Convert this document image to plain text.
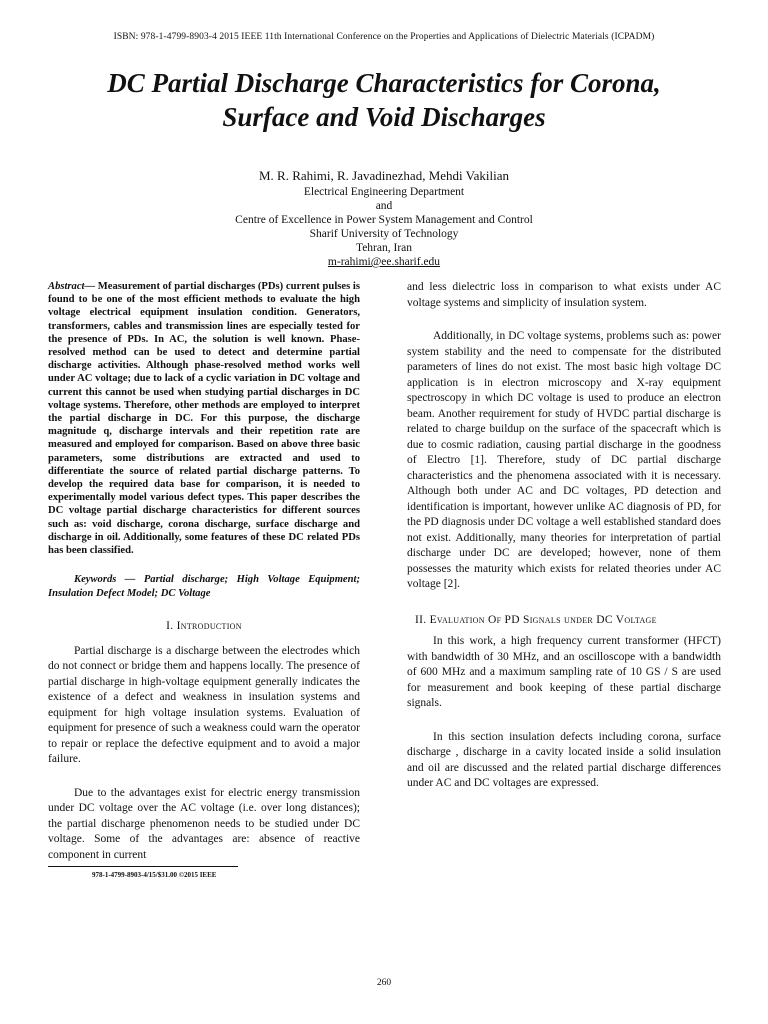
ISBN: 978-1-4799-8903-4 2015 IEEE 11th International Conference on the Properties and Applications of Dielectric Materials (ICPADM)
DC Partial Discharge Characteristics for Corona,
Surface and Void Discharges
M. R. Rahimi, R. Javadinezhad, Mehdi Vakilian
Electrical Engineering Department
and
Centre of Excellence in Power System Management and Control
Sharif University of Technology
Tehran, Iran
m-rahimi@ee.sharif.edu

Abstract— Measurement of partial discharges (PDs) current pulses is found to be one of the most efficient methods to evaluate the high voltage electrical equipment insulation condition. Generators, transformers, cables and transmission lines are especially tested for the presence of PDs. In AC, the solution is well known. Phase-resolved method can be used to detect and determine partial discharge activities. Although phase-resolved method works well under AC voltage; due to lack of a cyclic variation in DC voltage and current this cannot be used when studying partial discharges in DC voltage systems. Therefore, other methods are employed to interpret the partial discharge in DC. For this purpose, the discharge magnitude q, discharge intervals and their repetition rate are measured and employed for comparison. Based on above three basic parameters, some distributions are extracted and used to differentiate the source of related partial discharge patterns. To develop the required data base for comparison, it is needed to experimentally model various defect types. This paper describes the DC voltage partial discharge characteristics for different sources such as: void discharge, corona discharge, surface discharge and discharge in oil. Additionally, some features of these DC related PDs has been classified.

Keywords — Partial discharge; High Voltage Equipment; Insulation Defect Model; DC Voltage

I. Introduction

Partial discharge is a discharge between the electrodes which do not connect or bridge them and happens locally. The presence of partial discharge in high-voltage equipment generally indicates the existence of a defect and weakness in insulation systems and equipment for high voltage insulation systems. Evaluation of equipment for presence of such a weakness could warn the operator to repair or replace the defective equipment and to avoid a major failure.

Due to the advantages exist for electric energy transmission under DC voltage over the AC voltage (i.e. over long distances); the partial discharge phenomenon needs to be studied under DC voltage. Some of the advantages are: absence of reactive component in current

and less dielectric loss in comparison to what exists under AC voltage systems and simplicity of insulation system.

Additionally, in DC voltage systems, problems such as: power system stability and the need to compensate for the distributed parameters of lines do not exist. The most basic high voltage DC application is in electron microscopy and X-ray equipment spectroscopy in which DC voltage is used to produce an electron beam. Another requirement for study of HVDC partial discharge is related to charge buildup on the surface of the spacecraft which is due to cosmic radiation, causing partial discharge in the goodness of Electro [1]. Therefore, study of DC partial discharge characteristics and the phenomena associated with it is necessary. Although both under AC and DC voltages, PD detection and identification is important, however unlike AC diagnosis of PD, for the PD diagnosis under DC voltage a well established standard does not exist. Additionally, many theories for interpretation of partial discharge under DC are developed; however, none of them possesses the maturity which exists for related theories under AC voltage [2].

II. Evaluation Of PD Signals under DC Voltage

In this work, a high frequency current transformer (HFCT) with bandwidth of 30 MHz, and an oscilloscope with a bandwidth of 600 MHz and a maximum sampling rate of 10 GS / S are used for measurement and book keeping of these partial discharge signals.

In this section insulation defects including corona, surface discharge , discharge in a cavity located inside a solid insulation and oil are discussed and the related partial discharge differences under AC and DC voltages are expressed.

978-1-4799-8903-4/15/$31.00 ©2015 IEEE
260
